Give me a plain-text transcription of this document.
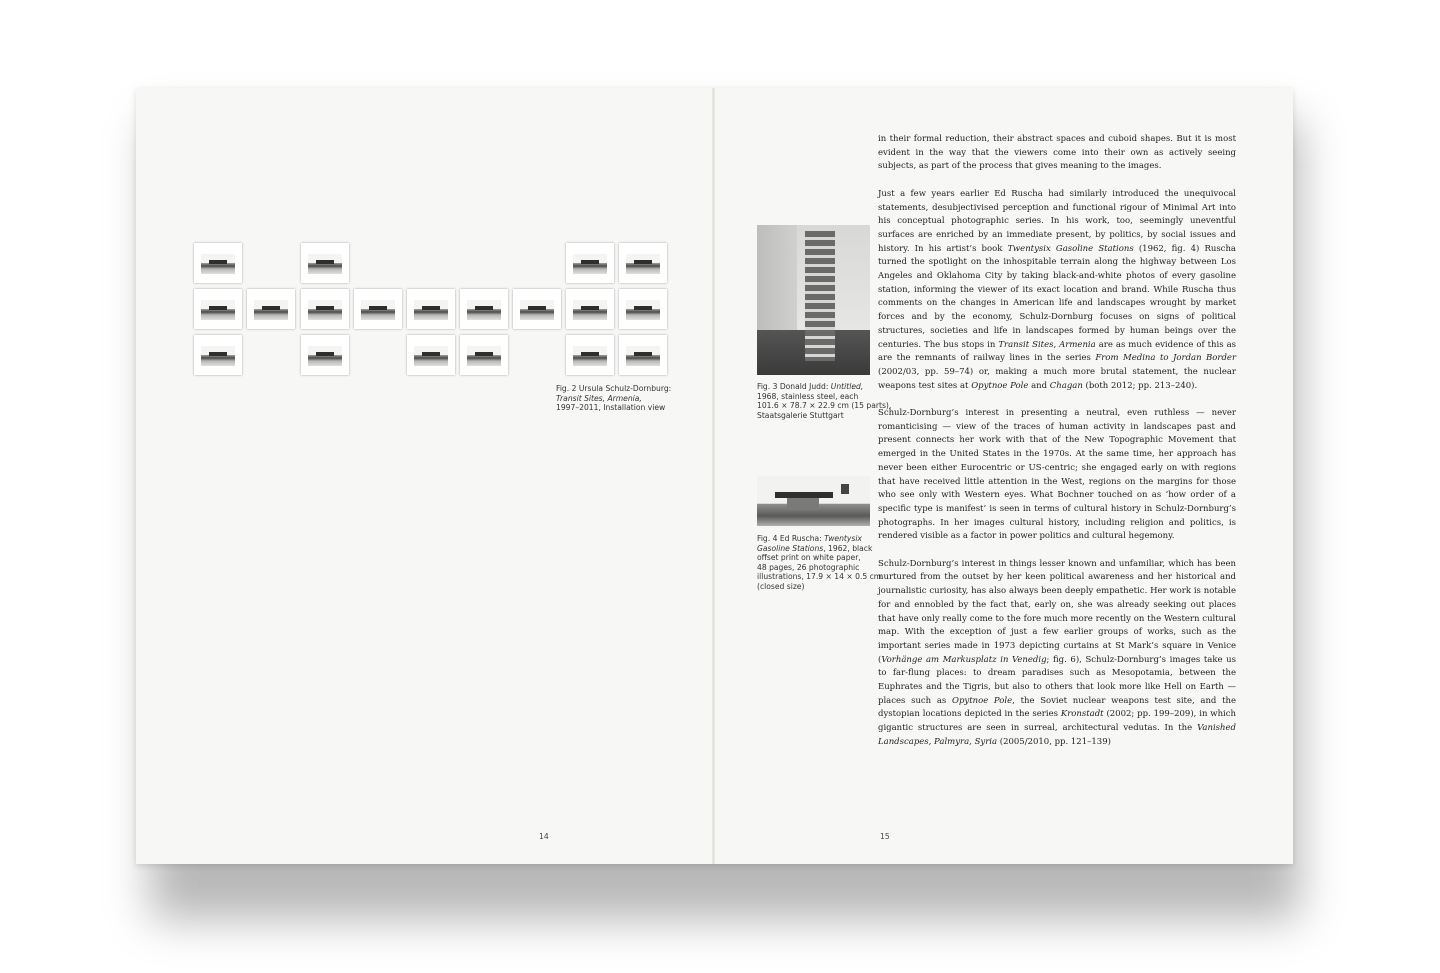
Fig. 2 Ursula Schulz-Dornburg:
Transit Sites, Armenia,
1997–2011, Installation view
14
Fig. 3 Donald Judd: Untitled,
1968, stainless steel, each
101.6 × 78.7 × 22.9 cm (15 parts),
Staatsgalerie Stuttgart
Fig. 4 Ed Ruscha: Twentysix
Gasoline Stations, 1962, black
offset print on white paper,
48 pages, 26 photographic
illustrations, 17.9 × 14 × 0.5 cm
(closed size)

in their formal reduction, their abstract spaces and cuboid shapes. But it is most evident in the way that the viewers come into their own as actively seeing subjects, as part of the process that gives meaning to the images.

Just a few years earlier Ed Ruscha had similarly introduced the unequivocal statements, desubjectivised perception and functional rigour of Minimal Art into his conceptual photographic series. In his work, too, seemingly uneventful surfaces are enriched by an immediate present, by politics, by social issues and history. In his artist’s book Twentysix Gasoline Stations (1962, fig. 4) Ruscha turned the spotlight on the inhospitable terrain along the highway between Los Angeles and Oklahoma City by taking black-and-white photos of every gasoline station, informing the viewer of its exact location and brand. While Ruscha thus comments on the changes in American life and landscapes wrought by market forces and by the economy, Schulz-Dornburg focuses on signs of political structures, societies and life in landscapes formed by human beings over the centuries. The bus stops in Transit Sites, Armenia are as much evidence of this as are the remnants of railway lines in the series From Medina to Jordan Border (2002/03, pp. 59–74) or, making a much more brutal statement, the nuclear weapons test sites at Opytnoe Pole and Chagan (both 2012; pp. 213–240).

Schulz-Dornburg’s interest in presenting a neutral, even ruthless — never romanticising — view of the traces of human activity in landscapes past and present connects her work with that of the New Topographic Movement that emerged in the United States in the 1970s. At the same time, her approach has never been either Eurocentric or US-centric; she engaged early on with regions that have received little attention in the West, regions on the margins for those who see only with Western eyes. What Bochner touched on as ‘how order of a specific type is manifest’ is seen in terms of cultural history in Schulz-Dornburg’s photographs. In her images cultural history, including religion and politics, is rendered visible as a factor in power politics and cultural hegemony.

Schulz-Dornburg’s interest in things lesser known and unfamiliar, which has been nurtured from the outset by her keen political awareness and her historical and journalistic curiosity, has also always been deeply empathetic. Her work is notable for and ennobled by the fact that, early on, she was already seeking out places that have only really come to the fore much more recently on the Western cultural map. With the exception of just a few earlier groups of works, such as the important series made in 1973 depicting curtains at St Mark’s square in Venice (Vorhänge am Markusplatz in Venedig; fig. 6), Schulz-Dornburg’s images take us to far-flung places: to dream paradises such as Mesopotamia, between the Euphrates and the Tigris, but also to others that look more like Hell on Earth — places such as Opytnoe Pole, the Soviet nuclear weapons test site, and the dystopian locations depicted in the series Kronstadt (2002; pp. 199–209), in which gigantic structures are seen in surreal, architectural vedutas. In the Vanished Landscapes, Palmyra, Syria (2005/2010, pp. 121–139)

15
